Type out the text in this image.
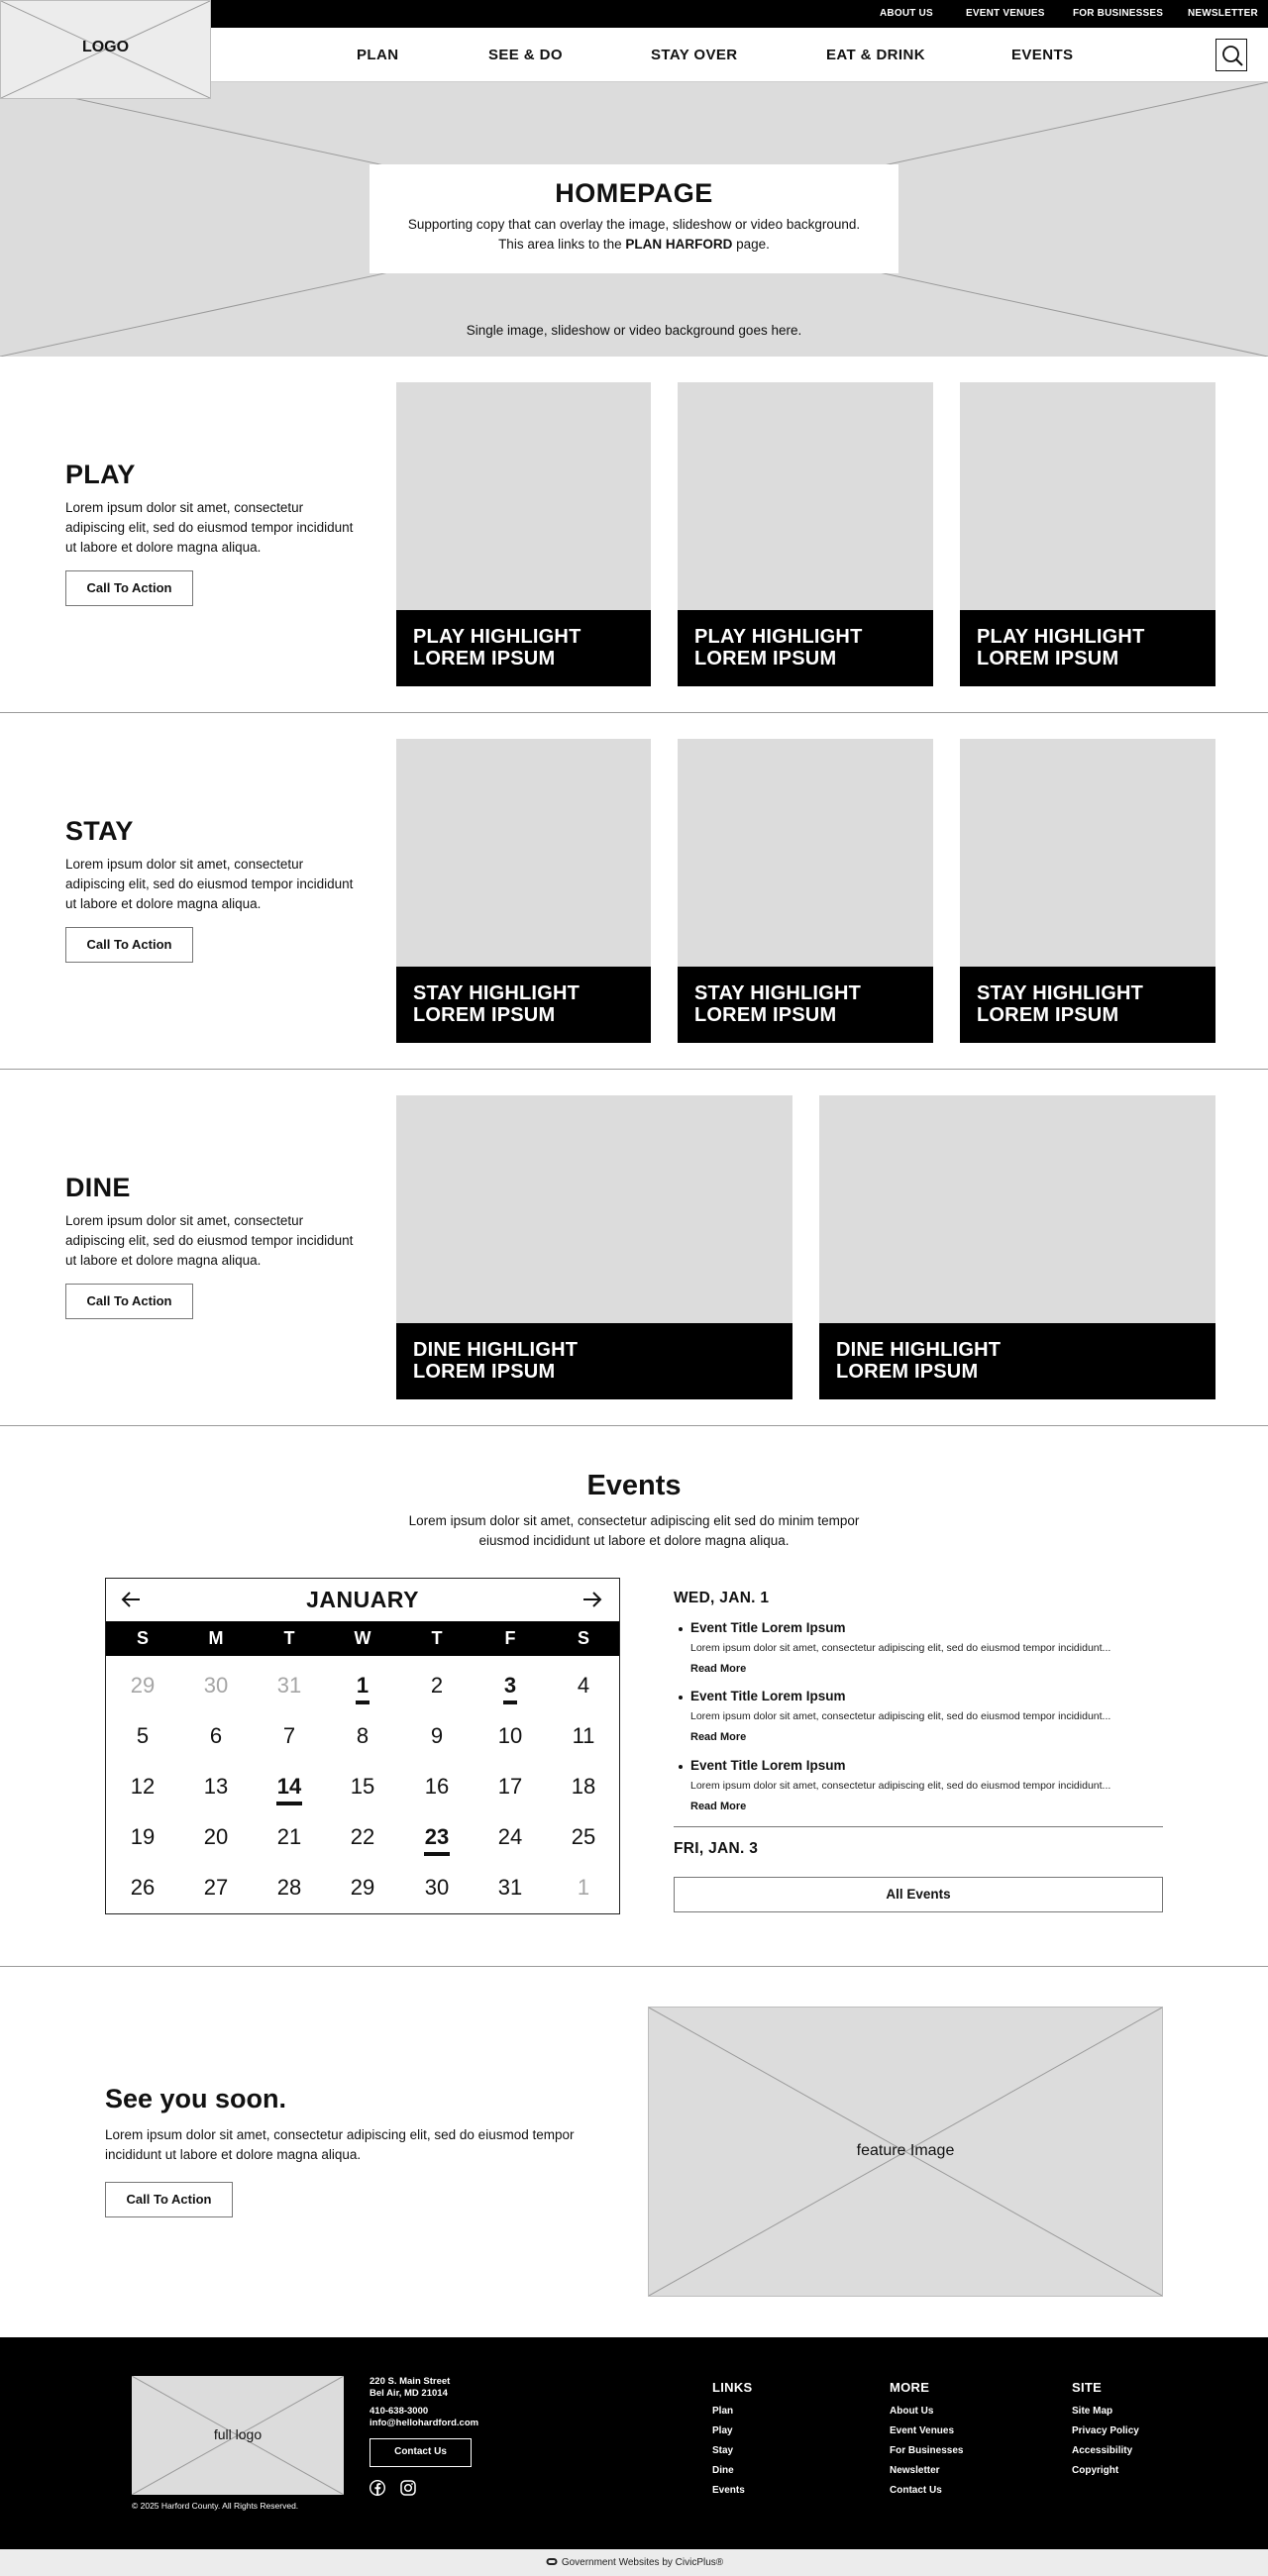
ABOUT US	EVENT VENUES	FOR BUSINESSES NEWSLETTER
PLAN	SEE & DO	STAY OVER	EAT & DRINK	EVENTS
LOGO
HOMEPAGE

Supporting copy that can overlay the image, slideshow or video background.
This area links to the PLAN HARFORD page.

Single image, slideshow or video background goes here.
PLAY
Lorem ipsum dolor sit amet, consectetur adipiscing elit, sed do eiusmod tempor incididunt ut labore et dolore magna aliqua.
Call To Action
PLAY HIGHLIGHT
LOREM IPSUM
PLAY HIGHLIGHT
LOREM IPSUM
PLAY HIGHLIGHT
LOREM IPSUM
STAY
Lorem ipsum dolor sit amet, consectetur adipiscing elit, sed do eiusmod tempor incididunt ut labore et dolore magna aliqua.
Call To Action
STAY HIGHLIGHT
LOREM IPSUM
STAY HIGHLIGHT
LOREM IPSUM
STAY HIGHLIGHT
LOREM IPSUM
DINE
Lorem ipsum dolor sit amet, consectetur adipiscing elit, sed do eiusmod tempor incididunt ut labore et dolore magna aliqua.
Call To Action
DINE HIGHLIGHT
LOREM IPSUM
DINE HIGHLIGHT
LOREM IPSUM
Events
Lorem ipsum dolor sit amet, consectetur adipiscing elit sed do minim tempor eiusmod incididunt ut labore et dolore magna aliqua.
JANUARY
S	M	T	W	T	F	S
29	30	31	1	2	3	4
5	6	7	8	9	10	11
12	13	14	15	16	17	18
19	20	21	22	23	24	25
26	27	28	29	30	31	1
WED, JAN. 1
Event Title Lorem Ipsum
Lorem ipsum dolor sit amet, consectetur adipiscing elit, sed do eiusmod tempor incididunt...
Read More
Event Title Lorem Ipsum
Lorem ipsum dolor sit amet, consectetur adipiscing elit, sed do eiusmod tempor incididunt...
Read More
Event Title Lorem Ipsum
Lorem ipsum dolor sit amet, consectetur adipiscing elit, sed do eiusmod tempor incididunt...
Read More
FRI, JAN. 3
All Events
See you soon.
Lorem ipsum dolor sit amet, consectetur adipiscing elit, sed do eiusmod tempor incididunt ut labore et dolore magna aliqua.
Call To Action
feature Image
full logo
© 2025 Harford County. All Rights Reserved.
220 S. Main Street
Bel Air, MD 21014
410-638-3000
info@hellohardford.com
Contact Us
LINKS
Plan
Play
Stay
Dine
Events
MORE
About Us
Event Venues
For Businesses
Newsletter
Contact Us
SITE
Site Map
Privacy Policy
Accessibility
Copyright
Government Websites by CivicPlus®
